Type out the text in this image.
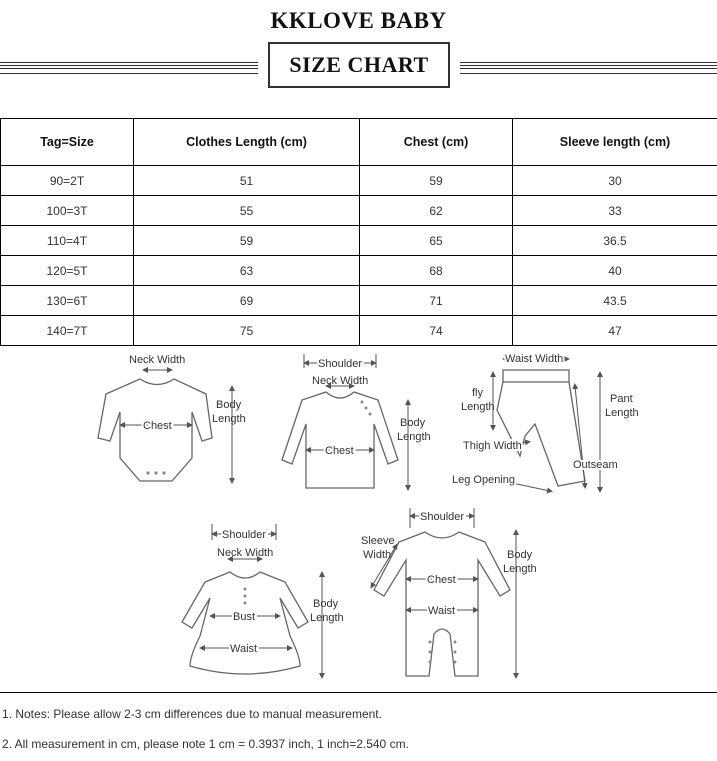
KKLOVE BABY
SIZE CHART
Tag=Size	Clothes Length (cm)	Chest (cm)	Sleeve length (cm)
90=2T	51	59	30
100=3T	55	62	33
110=4T	59	65	36.5
120=5T	63	68	40
130=6T	69	71	43.5
140=7T	75	74	47
Neck Width
Chest
Body
Length
Shoulder
Neck Width
Chest
Body
Length
Waist Width
fly
Length
Pant
Length
Outseam
Thigh Width
Leg Opening
Shoulder
Neck Width
Bust
Waist
Body
Length
Shoulder
Sleeve
Width
Chest
Waist
Body
Length
1. Notes: Please allow 2-3 cm differences due to manual measurement.
2. All measurement in cm, please note 1 cm = 0.3937 inch, 1 inch=2.540 cm.
